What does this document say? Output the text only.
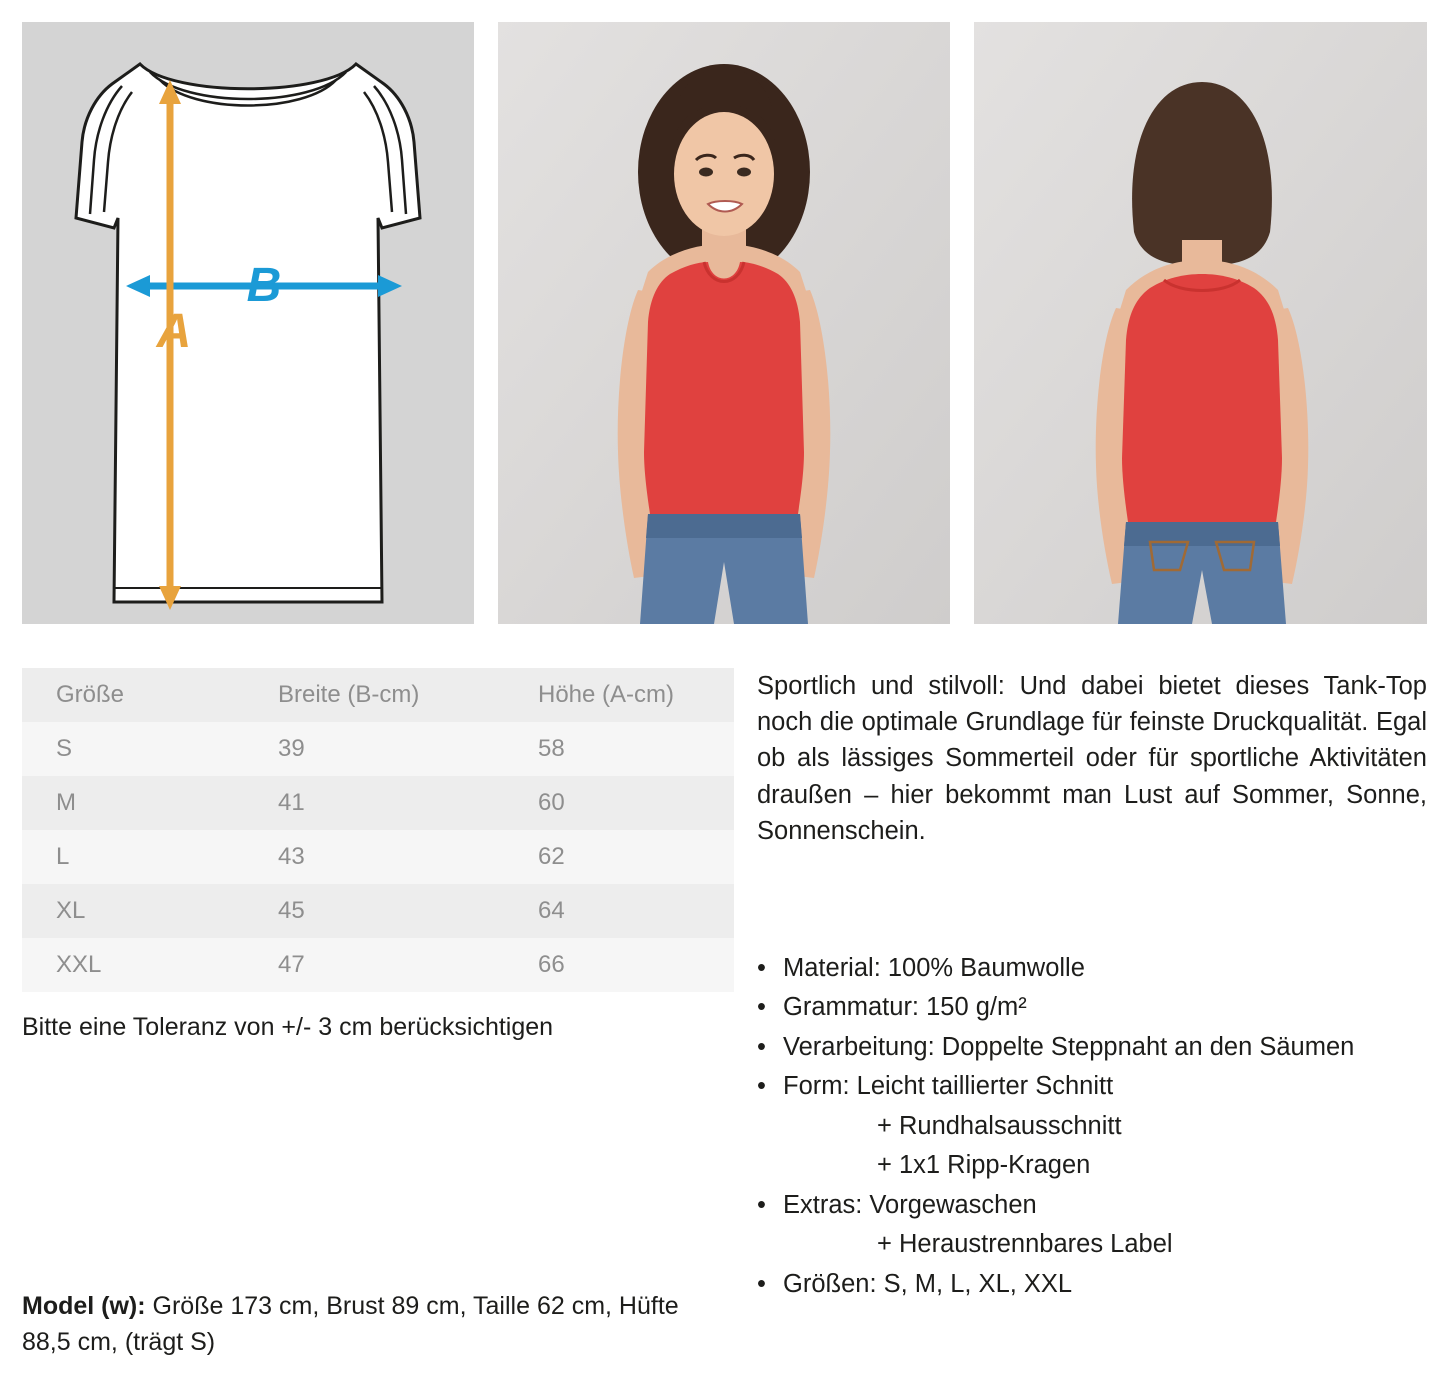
B
A
Größe	Breite (B-cm)	Höhe (A-cm)
S	39	58
M	41	60
L	43	62
XL	45	64
XXL	47	66
Bitte eine Toleranz von +/- 3 cm berücksichtigen
Model (w): Größe 173 cm, Brust 89 cm, Taille 62 cm, Hüfte 88,5 cm, (trägt S)
Sportlich und stilvoll: Und dabei bietet dieses Tank-Top noch die optimale Grundlage für feinste Druckqualität. Egal ob als lässiges Sommerteil oder für sportliche Aktivitäten draußen – hier bekommt man Lust auf Sommer, Sonne, Sonnenschein.
• Material: 100% Baumwolle
• Grammatur: 150 g/m²
• Verarbeitung: Doppelte Steppnaht an den Säumen
• Form: Leicht taillierter Schnitt
+ Rundhalsausschnitt
+ 1x1 Ripp-Kragen
• Extras: Vorgewaschen
+ Heraustrennbares Label
• Größen: S, M, L, XL, XXL
